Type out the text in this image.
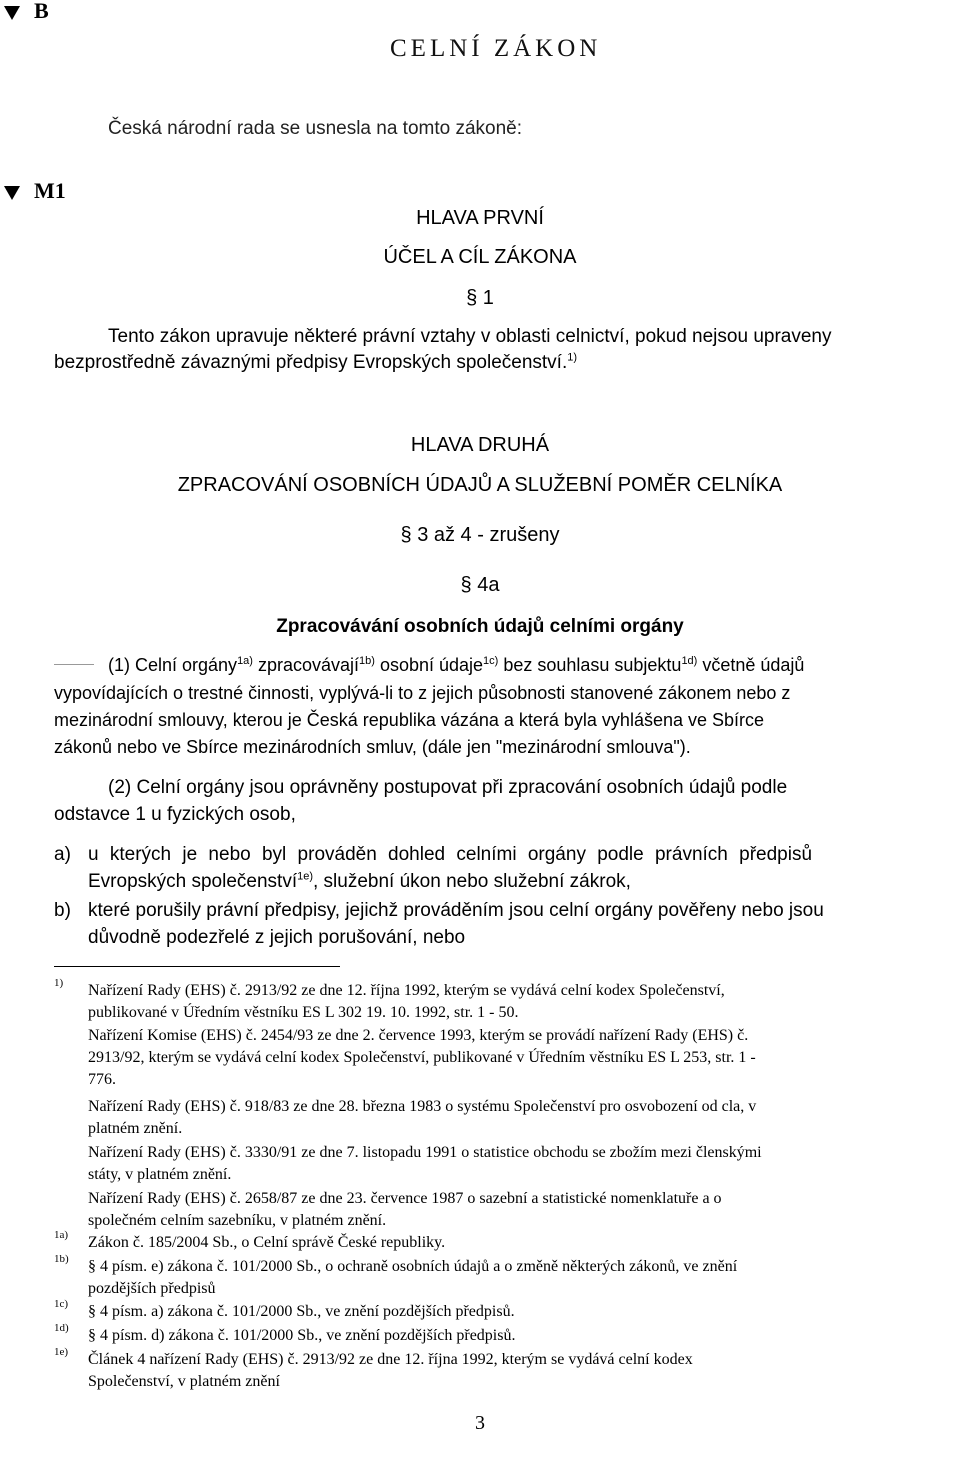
B
M1
CELNÍ ZÁKON
Česká národní rada se usnesla na tomto zákoně:
HLAVA PRVNÍ
ÚČEL A CÍL ZÁKONA
§ 1
Tento zákon upravuje některé právní vztahy v oblasti celnictví, pokud nejsou upraveny
bezprostředně závaznými předpisy Evropských společenství.$^{1)}$
HLAVA DRUHÁ
ZPRACOVÁNÍ OSOBNÍCH ÚDAJŮ A SLUŽEBNÍ POMĚR CELNÍKA
§ 3 až 4 - zrušeny
§ 4a
Zpracovávání osobních údajů celními orgány
(1) Celní orgány$^{1a)}$ zpracovávají$^{1b)}$ osobní údaje$^{1c)}$ bez souhlasu subjektu$^{1d)}$ včetně údajů
vypovídajících o trestné činnosti, vyplývá-li to z jejich působnosti stanovené zákonem nebo z
mezinárodní smlouvy, kterou je Česká republika vázána a která byla vyhlášena ve Sbírce
zákonů nebo ve Sbírce mezinárodních smluv, (dále jen "mezinárodní smlouva").
(2) Celní orgány jsou oprávněny postupovat při zpracování osobních údajů podle
odstavce 1 u fyzických osob,
a) u kterých je nebo byl prováděn dohled celními orgány podle právních předpisů
Evropských společenství$^{1e)}$, služební úkon nebo služební zákrok,
b) které porušily právní předpisy, jejichž prováděním jsou celní orgány pověřeny nebo jsou
důvodně podezřelé z jejich porušování, nebo
1) Nařízení Rady (EHS) č. 2913/92 ze dne 12. října 1992, kterým se vydává celní kodex Společenství,
publikované v Úředním věstníku ES L 302 19. 10. 1992, str. 1 - 50.
Nařízení Komise (EHS) č. 2454/93 ze dne 2. července 1993, kterým se provádí nařízení Rady (EHS) č.
2913/92, kterým se vydává celní kodex Společenství, publikované v Úředním věstníku ES L 253, str. 1 -
776.
Nařízení Rady (EHS) č. 918/83 ze dne 28. března 1983 o systému Společenství pro osvobození od cla, v
platném znění.
Nařízení Rady (EHS) č. 3330/91 ze dne 7. listopadu 1991 o statistice obchodu se zbožím mezi členskými
státy, v platném znění.
Nařízení Rady (EHS) č. 2658/87 ze dne 23. července 1987 o sazební a statistické nomenklatuře a o
společném celním sazebníku, v platném znění.
1a) Zákon č. 185/2004 Sb., o Celní správě České republiky.
1b) § 4 písm. e) zákona č. 101/2000 Sb., o ochraně osobních údajů a o změně některých zákonů, ve znění
pozdějších předpisů
1c) § 4 písm. a) zákona č. 101/2000 Sb., ve znění pozdějších předpisů.
1d) § 4 písm. d) zákona č. 101/2000 Sb., ve znění pozdějších předpisů.
1e) Článek 4 nařízení Rady (EHS) č. 2913/92 ze dne 12. října 1992, kterým se vydává celní kodex
Společenství, v platném znění
3
